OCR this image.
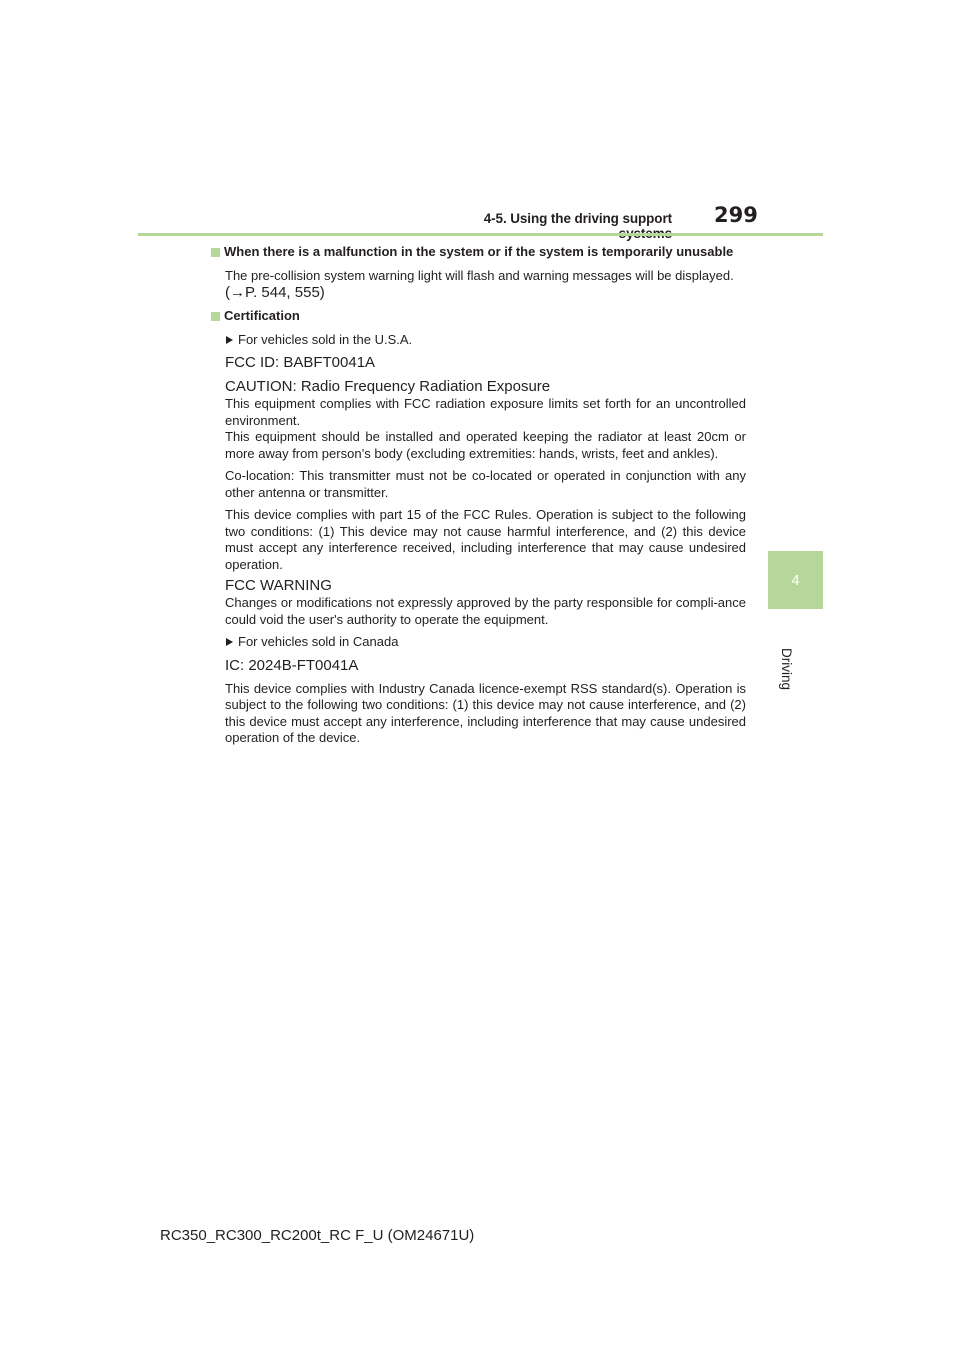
4-5. Using the driving support 299
4
Driving
When there is a malfunction in the system or if the system is temporarily unusable

The pre-collision system warning light will flash and warning messages will be displayed.

(→P. 544, 555)

Certification
For vehicles sold in the U.S.A.

FCC ID: BABFT0041A

CAUTION: Radio Frequency Radiation Exposure

This equipment complies with FCC radiation exposure limits set forth for an uncontrolled environment.

This equipment should be installed and operated keeping the radiator at least 20cm or more away from person’s body (excluding extremities: hands, wrists, feet and ankles).

Co-location: This transmitter must not be co-located or operated in conjunction with any other antenna or transmitter.

This device complies with part 15 of the FCC Rules. Operation is subject to the following two conditions: (1) This device may not cause harmful interference, and (2) this device must accept any interference received, including interference that may cause undesired operation.

FCC WARNING

Changes or modifications not expressly approved by the party responsible for compli-ance could void the user's authority to operate the equipment.

For vehicles sold in Canada

IC: 2024B-FT0041A

This device complies with Industry Canada licence-exempt RSS standard(s). Operation is subject to the following two conditions: (1) this device may not cause interference, and (2) this device must accept any interference, including interference that may cause undesired operation of the device.

RC350_RC300_RC200t_RC F_U (OM24671U)
